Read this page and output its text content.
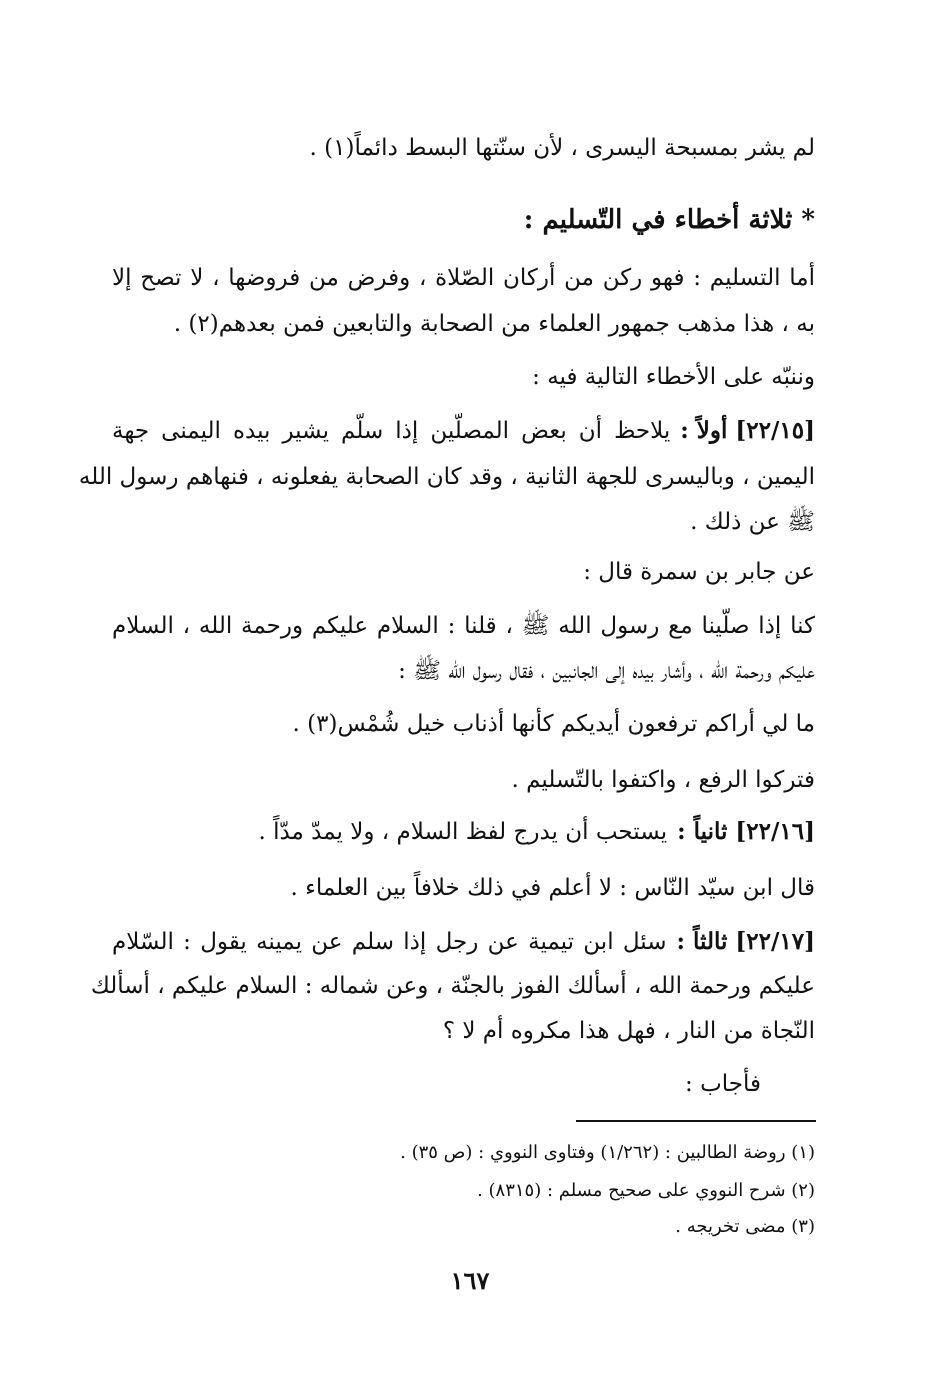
لم يشر بمسبحة اليسرى ، لأن سنّتها البسط دائماً(١) .
* ثلاثة أخطاء في التّسليم :
أما التسليم : فهو ركن من أركان الصّلاة ، وفرض من فروضها ، لا تصح إلا
به ، هذا مذهب جمهور العلماء من الصحابة والتابعين فمن بعدهم(٢) .
وننبّه على الأخطاء التالية فيه :
[٢٢/١٥] أولاً :
يلاحظ أن بعض المصلّين إذا سلّم يشير بيده اليمنى جهة
اليمين ، وباليسرى للجهة الثانية ، وقد كان الصحابة يفعلونه ، فنهاهم رسول الله
ﷺ عن ذلك .
عن جابر بن سمرة قال :
كنا إذا صلّينا مع رسول الله ﷺ ، قلنا : السلام عليكم ورحمة الله ، السلام
عليكم ورحمة الله ، وأشار بيده إلى الجانبين ، فقال رسول الله ﷺ :
ما لي أراكم ترفعون أيديكم كأنها أذناب خيل شُمْس(٣) .
فتركوا الرفع ، واكتفوا بالتّسليم .
[٢٢/١٦] ثانياً :
يستحب أن يدرج لفظ السلام ، ولا يمدّ مدّاً .
قال ابن سيّد النّاس : لا أعلم في ذلك خلافاً بين العلماء .
[٢٢/١٧] ثالثاً :
سئل ابن تيمية عن رجل إذا سلم عن يمينه يقول : السّلام
عليكم ورحمة الله ، أسألك الفوز بالجنّة ، وعن شماله : السلام عليكم ، أسألك
النّجاة من النار ، فهل هذا مكروه أم لا ؟
فأجاب :
(١) روضة الطالبين : (١/٢٦٢) وفتاوى النووي : (ص ٣٥) .
(٢) شرح النووي على صحيح مسلم : (٨٣١٥) .
(٣) مضى تخريجه .
١٦٧
